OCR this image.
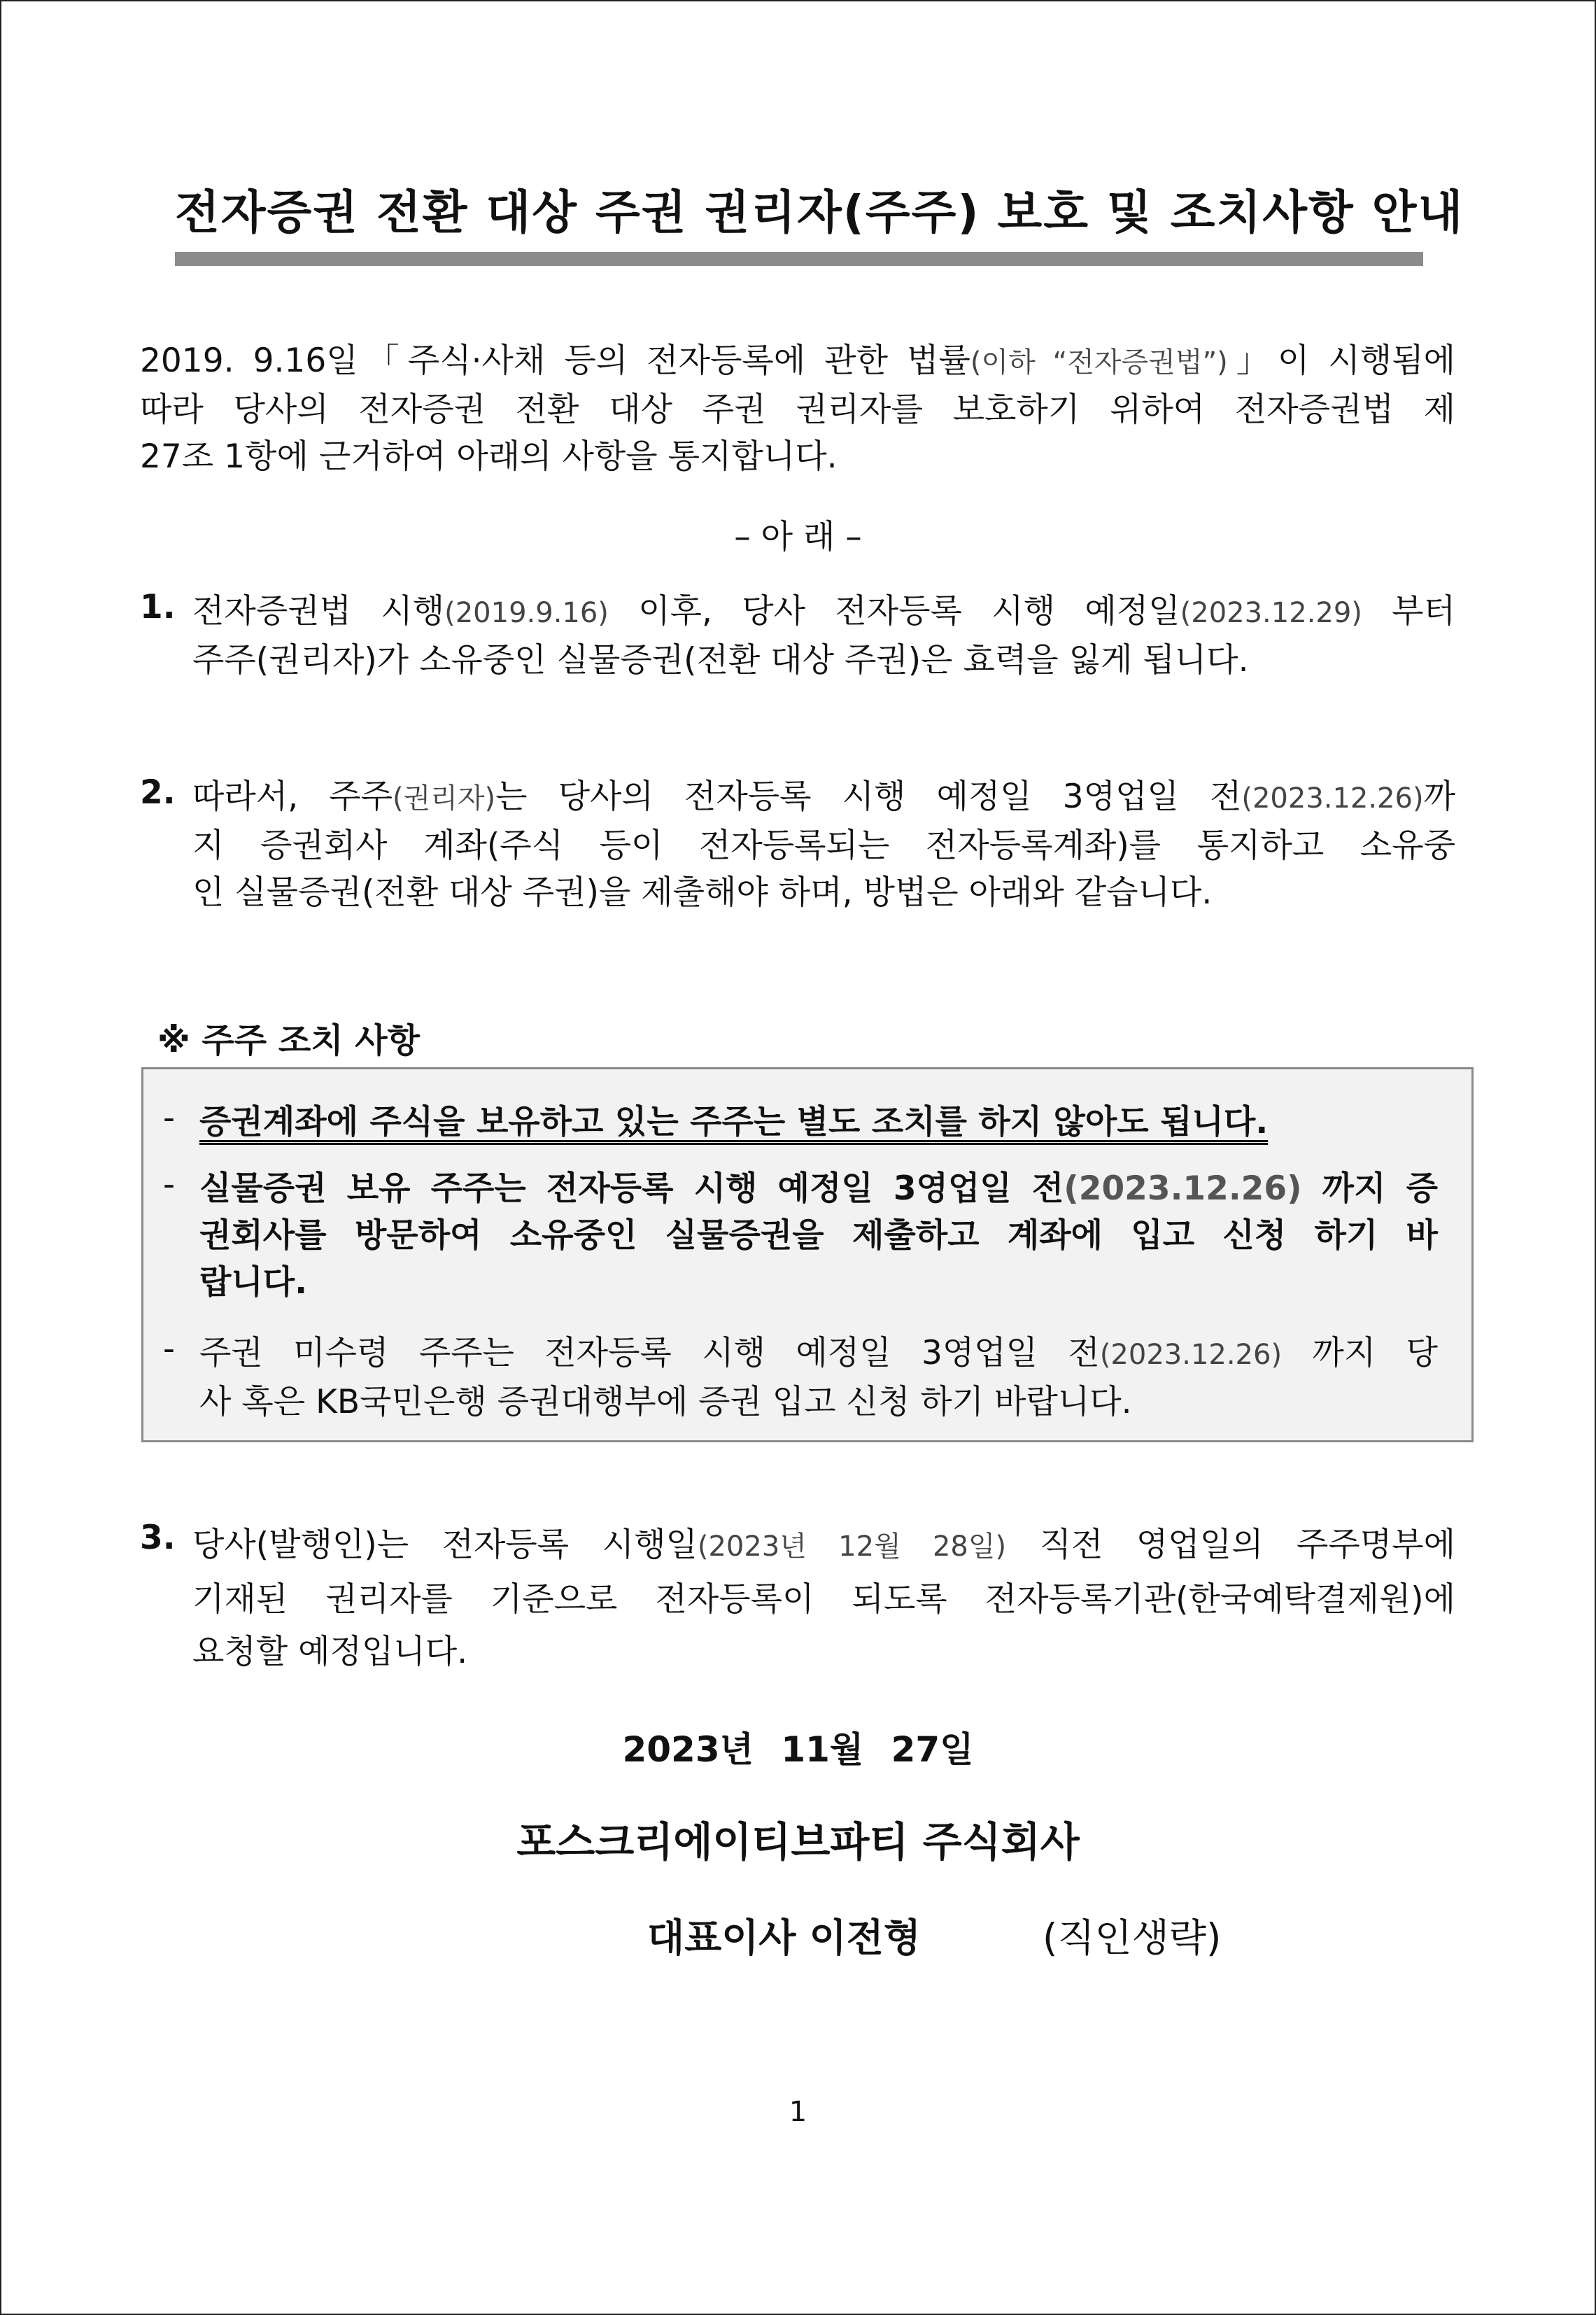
전자증권 전환 대상 주권 권리자(주주) 보호 및 조치사항 안내
2019. 9.16일「주식·사채 등의 전자등록에 관한 법률(이하 “전자증권법”)」이 시행됨에
따라 당사의 전자증권 전환 대상 주권 권리자를 보호하기 위하여 전자증권법 제
27조 1항에 근거하여 아래의 사항을 통지합니다.
– 아 래 –
1. 전자증권법 시행(2019.9.16) 이후, 당사 전자등록 시행 예정일(2023.12.29) 부터
주주(권리자)가 소유중인 실물증권(전환 대상 주권)은 효력을 잃게 됩니다.
2. 따라서, 주주(권리자)는 당사의 전자등록 시행 예정일 3영업일 전(2023.12.26)까
지 증권회사 계좌(주식 등이 전자등록되는 전자등록계좌)를 통지하고 소유중
인 실물증권(전환 대상 주권)을 제출해야 하며, 방법은 아래와 같습니다.
※ 주주 조치 사항
- 증권계좌에 주식을 보유하고 있는 주주는 별도 조치를 하지 않아도 됩니다.
- 실물증권 보유 주주는 전자등록 시행 예정일 3영업일 전(2023.12.26) 까지 증
권회사를 방문하여 소유중인 실물증권을 제출하고 계좌에 입고 신청 하기 바
랍니다.
- 주권 미수령 주주는 전자등록 시행 예정일 3영업일 전(2023.12.26) 까지 당
사 혹은 KB국민은행 증권대행부에 증권 입고 신청 하기 바랍니다.
3. 당사(발행인)는 전자등록 시행일(2023년 12월 28일) 직전 영업일의 주주명부에
기재된 권리자를 기준으로 전자등록이 되도록 전자등록기관(한국예탁결제원)에
요청할 예정입니다.
2023년 11월 27일
포스크리에이티브파티 주식회사
대표이사 이전형	(직인생략)
1
